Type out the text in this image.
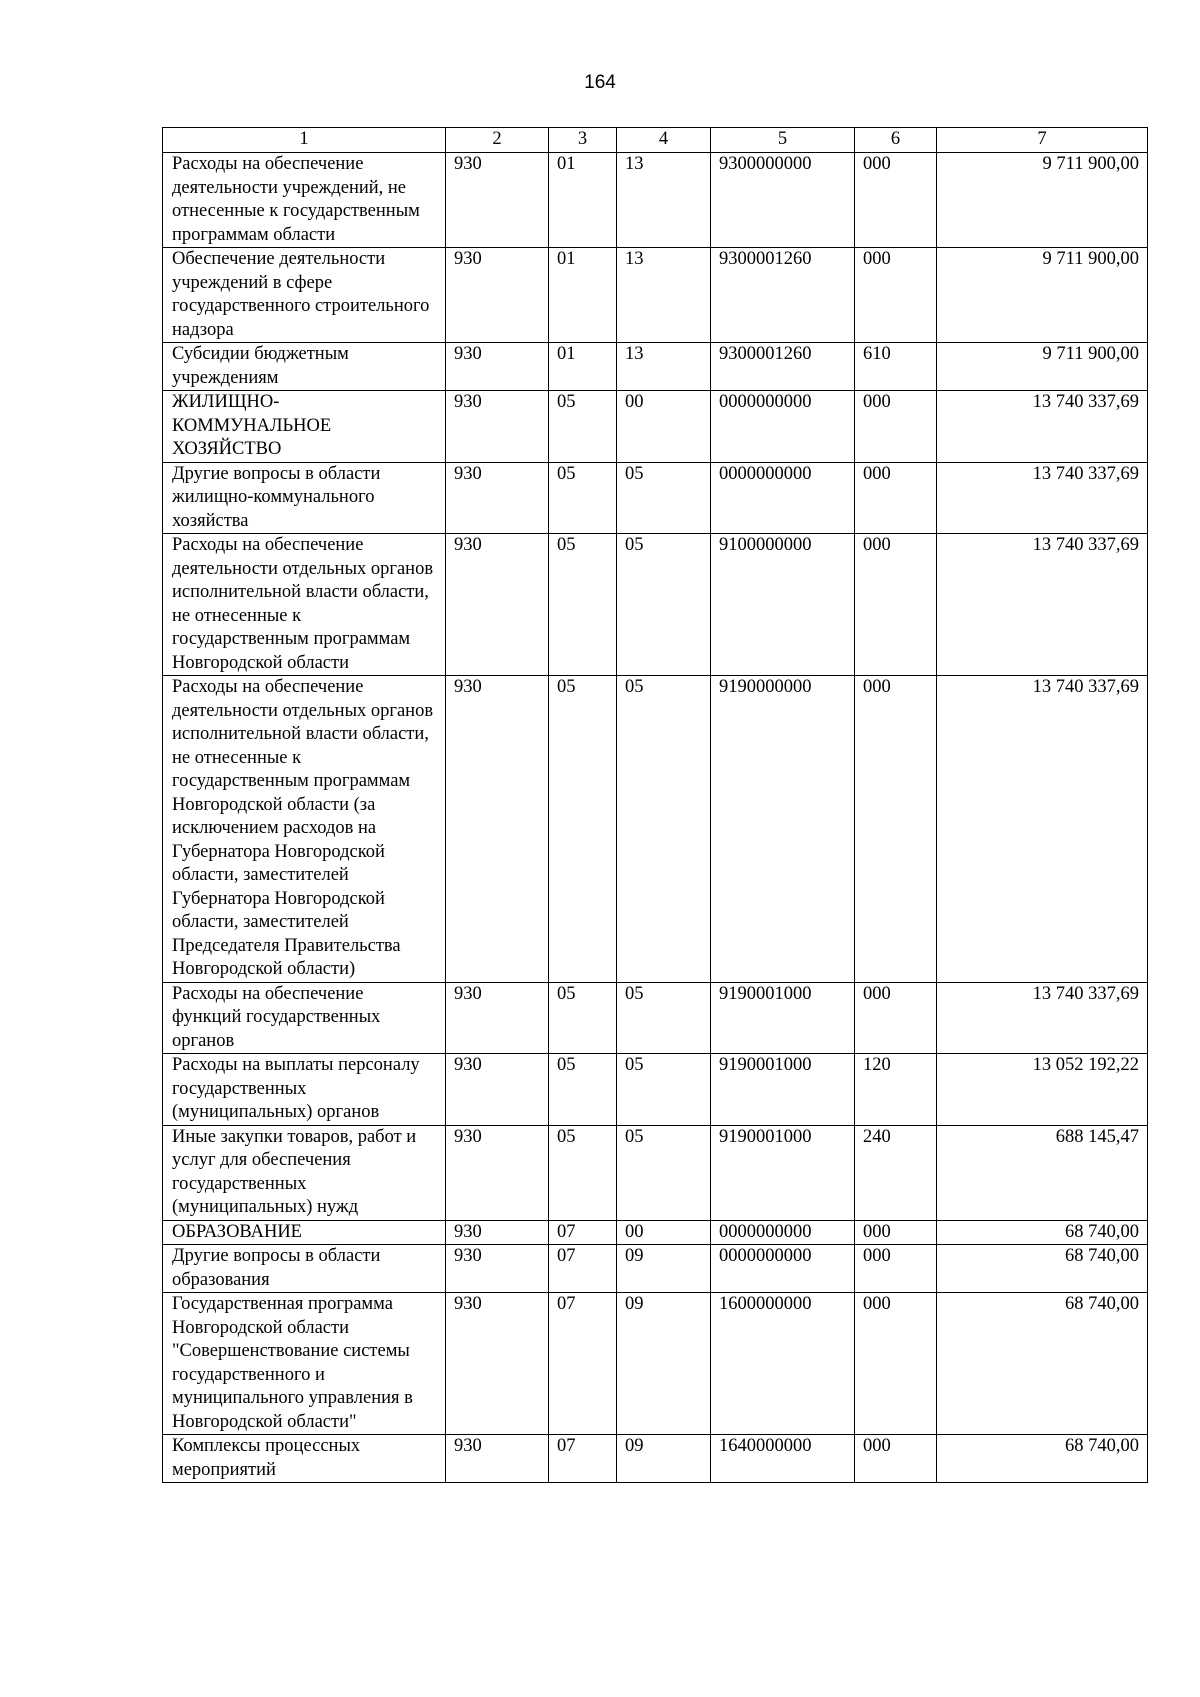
164
1	2	3	4	5	6	7
Расходы на обеспечение деятельности учреждений, не отнесенные к государственным программам области	930	01	13	9300000000	000	9 711 900,00
Обеспечение деятельности учреждений в сфере государственного строительного надзора	930	01	13	9300001260	000	9 711 900,00
Субсидии бюджетным учреждениям	930	01	13	9300001260	610	9 711 900,00
ЖИЛИЩНО-КОММУНАЛЬНОЕ ХОЗЯЙСТВО	930	05	00	0000000000	000	13 740 337,69
Другие вопросы в области жилищно-коммунального хозяйства	930	05	05	0000000000	000	13 740 337,69
Расходы на обеспечение деятельности отдельных органов исполнительной власти области, не отнесенные к государственным программам Новгородской области	930	05	05	9100000000	000	13 740 337,69
Расходы на обеспечение деятельности отдельных органов исполнительной власти области, не отнесенные к государственным программам Новгородской области (за исключением расходов на Губернатора Новгородской области, заместителей Губернатора Новгородской области, заместителей Председателя Правительства Новгородской области)	930	05	05	9190000000	000	13 740 337,69
Расходы на обеспечение функций государственных органов	930	05	05	9190001000	000	13 740 337,69
Расходы на выплаты персоналу государственных (муниципальных) органов	930	05	05	9190001000	120	13 052 192,22
Иные закупки товаров, работ и услуг для обеспечения государственных (муниципальных) нужд	930	05	05	9190001000	240	688 145,47
ОБРАЗОВАНИЕ	930	07	00	0000000000	000	68 740,00
Другие вопросы в области образования	930	07	09	0000000000	000	68 740,00
Государственная программа Новгородской области "Совершенствование системы государственного и муниципального управления в Новгородской области"	930	07	09	1600000000	000	68 740,00
Комплексы процессных мероприятий	930	07	09	1640000000	000	68 740,00
